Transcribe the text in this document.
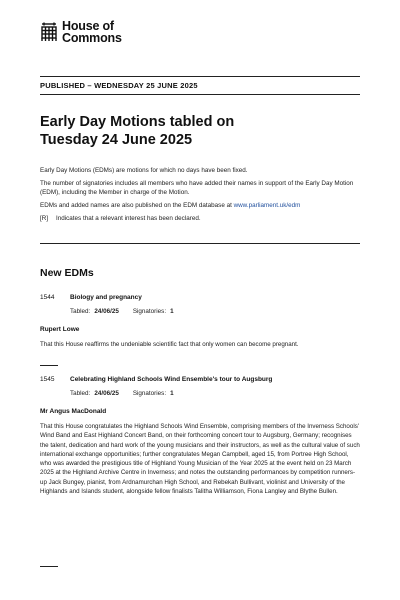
House of
Commons
PUBLISHED – WEDNESDAY 25 JUNE 2025
Early Day Motions tabled on
Tuesday 24 June 2025

Early Day Motions (EDMs) are motions for which no days have been fixed.

The number of signatories includes all members who have added their names in support of the Early Day Motion (EDM), including the Member in charge of the Motion.

EDMs and added names are also published on the EDM database at www.parliament.uk/edm

[R] Indicates that a relevant interest has been declared.

New EDMs
1544	Biology and pregnancy
Tabled: 24/06/25 Signatories: 1
Rupert Lowe
That this House reaffirms the undeniable scientific fact that only women can become pregnant.
1545	Celebrating Highland Schools Wind Ensemble's tour to Augsburg
Tabled: 24/06/25 Signatories: 1
Mr Angus MacDonald
That this House congratulates the Highland Schools Wind Ensemble, comprising members of the Inverness Schools' Wind Band and East Highland Concert Band, on their forthcoming concert tour to Augsburg, Germany; recognises the talent, dedication and hard work of the young musicians and their instructors, as well as the cultural value of such international exchange opportunities; further congratulates Megan Campbell, aged 15, from Portree High School, who was awarded the prestigious title of Highland Young Musician of the Year 2025 at the event held on 23 March 2025 at the Highland Archive Centre in Inverness; and notes the outstanding performances by competition runners-up Jack Bungey, pianist, from Ardnamurchan High School, and Rebekah Bullivant, violinist and University of the Highlands and Islands student, alongside fellow finalists Talitha Williamson, Fiona Langley and Blythe Bullen.
